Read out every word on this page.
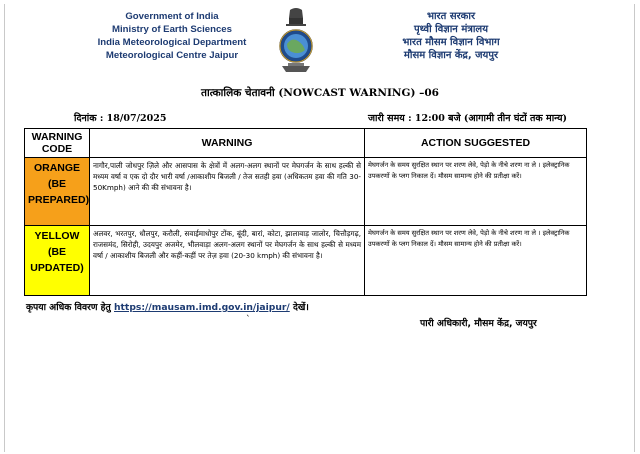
Government of India
Ministry of Earth Sciences
India Meteorological Department
Meteorological Centre Jaipur
भारत सरकार
पृथ्वी विज्ञान मंत्रालय
भारत मौसम विज्ञान विभाग
मौसम विज्ञान केंद्र, जयपुर
तात्कालिक चेतावनी (NOWCAST WARNING) –06
दिनांक : 18/07/2025	जारी समय : 12:00 बजे (आगामी तीन घंटों तक मान्य)
WARNING CODE	WARNING	ACTION SUGGESTED

ORANGE
(BE PREPARED)	नागौर,पाली जोधपुर ज़िले और आसपास के क्षेत्रों में अलग-अलग स्थानों पर मेघगर्जन के साथ हल्की से मध्यम वर्षा व एक दो दौर भारी वर्षा /आकाशीय बिजली / तेज सतही हवा (अधिकतम हवा की गति 30-50Kmph) आने की की संभावना है।	मेघगर्जन के समय सुरक्षित स्थान पर शरण लेवे, पेड़ो के नीचे शरण ना ले । इलेक्ट्रानिक उपकरणों के प्लग निकाल दें। मौसम सामान्य होने की प्रतीक्षा करें।

YELLOW
(BE UPDATED)	अलवर, भरतपुर, धौलपुर, करौली, सवाईमाधोपुर टोंक, बूंदी, बारां, कोटा, झालावाड़ जालोर, चित्तौड़गढ़, राजसमंद, सिरोही, उदयपुर अजमेर, भीलवाड़ा अलग-अलग स्थानों पर मेघगर्जन के साथ हल्की से मध्यम वर्षा / आकाशीय बिजली और कहीं-कहीं पर तेज़ हवा (20-30 kmph) की संभावना है।	मेघगर्जन के समय सुरक्षित स्थान पर शरण लेवे, पेड़ो के नीचे शरण ना ले । इलेक्ट्रानिक उपकरणों के प्लग निकाल दें। मौसम सामान्य होने की प्रतीक्षा करें।
कृपया अधिक विवरण हेतु https://mausam.imd.gov.in/jaipur/ देखें।
`	पारी अधिकारी, मौसम केंद्र, जयपुर
